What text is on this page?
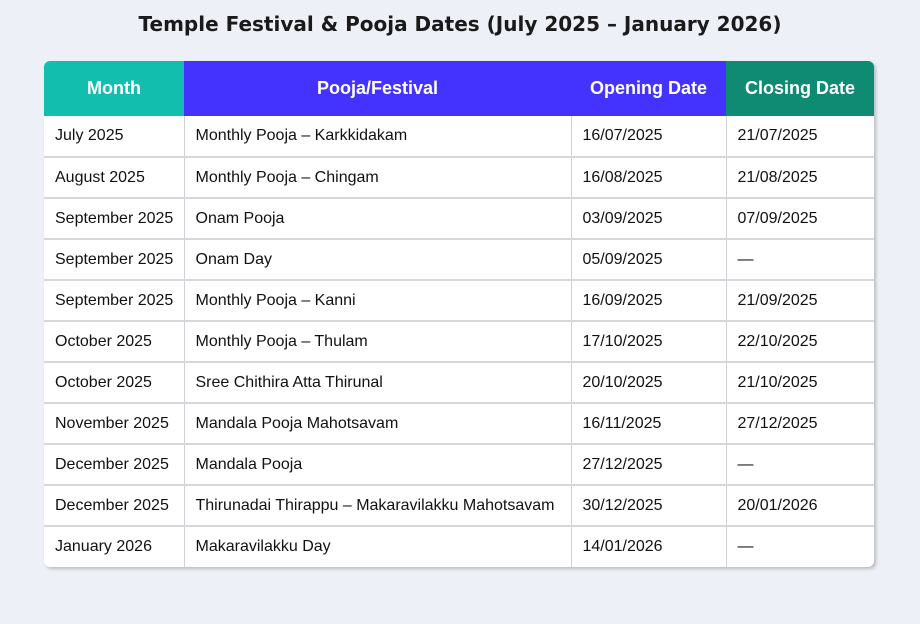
Temple Festival & Pooja Dates (July 2025 – January 2026)
Month	Pooja/Festival	Opening Date	Closing Date
July 2025	Monthly Pooja – Karkkidakam	16/07/2025	21/07/2025
August 2025	Monthly Pooja – Chingam	16/08/2025	21/08/2025
September 2025	Onam Pooja	03/09/2025	07/09/2025
September 2025	Onam Day	05/09/2025	—
September 2025	Monthly Pooja – Kanni	16/09/2025	21/09/2025
October 2025	Monthly Pooja – Thulam	17/10/2025	22/10/2025
October 2025	Sree Chithira Atta Thirunal	20/10/2025	21/10/2025
November 2025	Mandala Pooja Mahotsavam	16/11/2025	27/12/2025
December 2025	Mandala Pooja	27/12/2025	—
December 2025	Thirunadai Thirappu – Makaravilakku Mahotsavam	30/12/2025	20/01/2026
January 2026	Makaravilakku Day	14/01/2026	—
